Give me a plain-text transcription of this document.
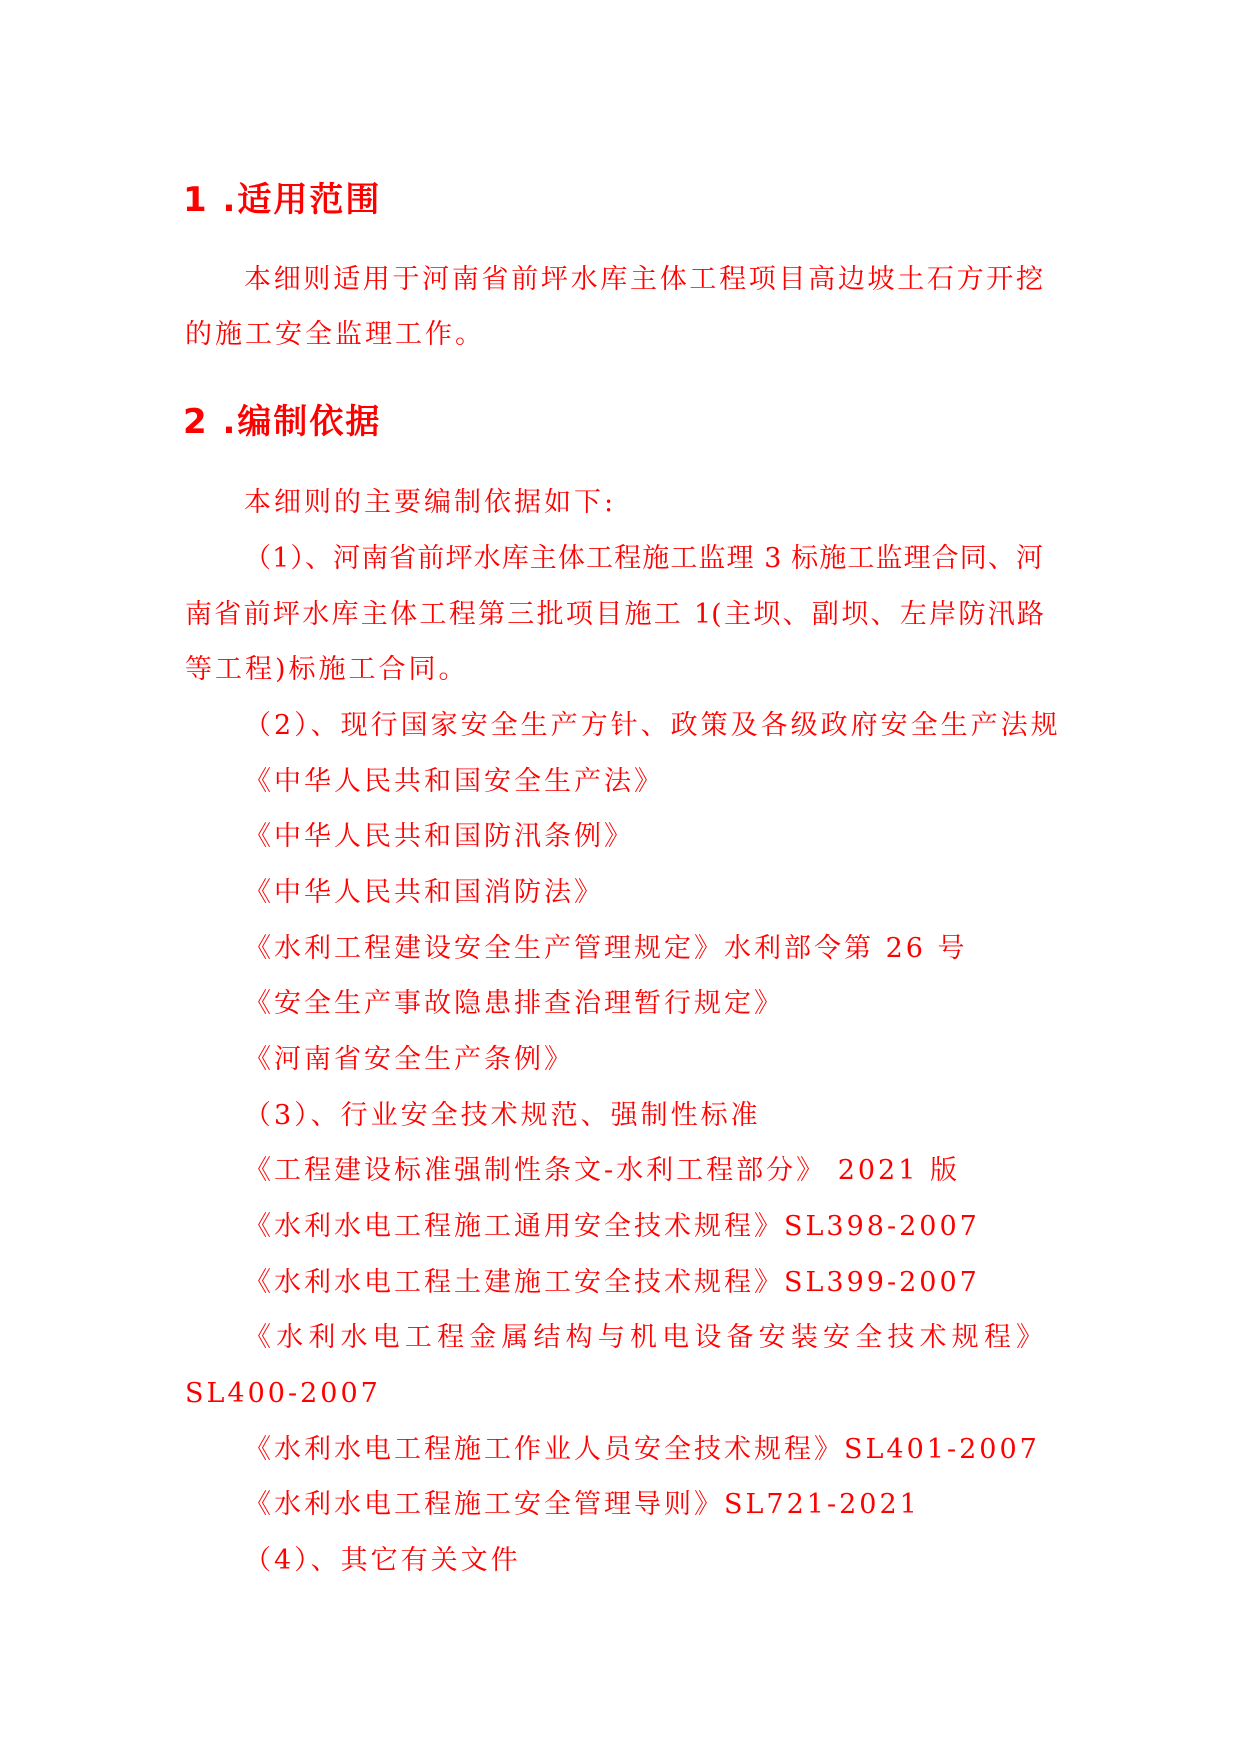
1 .适用范围
本细则适用于河南省前坪水库主体工程项目高边坡土石方开挖
的施工安全监理工作。
2 .编制依据
本细则的主要编制依据如下:
（1）、河南省前坪水库主体工程施工监理 3 标施工监理合同、河
南省前坪水库主体工程第三批项目施工 1(主坝、副坝、左岸防汛路
等工程)标施工合同。
（2）、现行国家安全生产方针、政策及各级政府安全生产法规
《中华人民共和国安全生产法》
《中华人民共和国防汛条例》
《中华人民共和国消防法》
《水利工程建设安全生产管理规定》水利部令第 26 号
《安全生产事故隐患排查治理暂行规定》
《河南省安全生产条例》
（3）、行业安全技术规范、强制性标准
《工程建设标准强制性条文-水利工程部分》 2021 版
《水利水电工程施工通用安全技术规程》SL398-2007
《水利水电工程土建施工安全技术规程》SL399-2007
《水利水电工程金属结构与机电设备安装安全技术规程》
SL400-2007
《水利水电工程施工作业人员安全技术规程》SL401-2007
《水利水电工程施工安全管理导则》SL721-2021
（4）、其它有关文件
